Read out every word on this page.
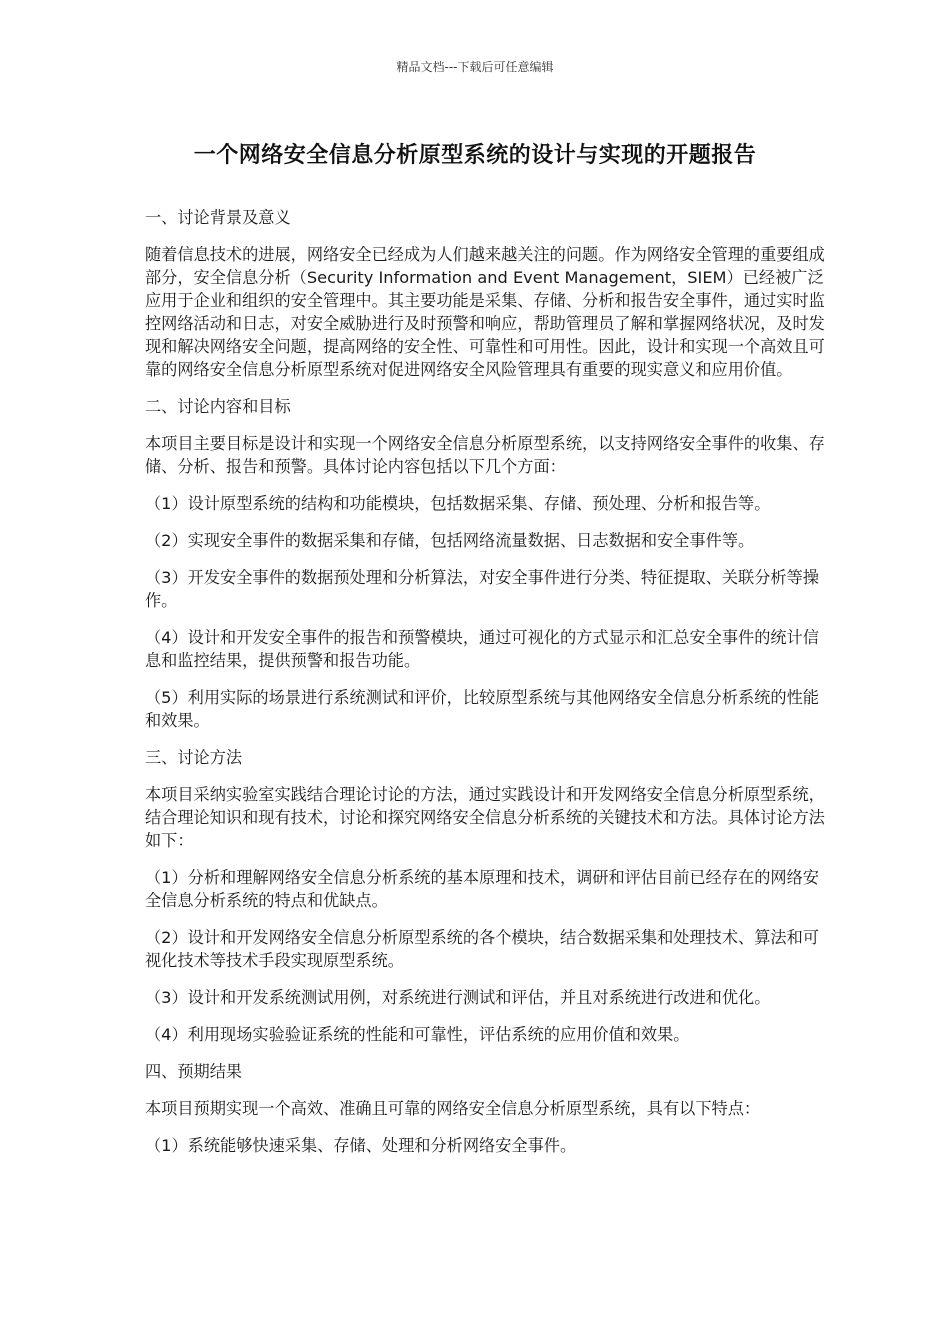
精品文档---下载后可任意编辑
一个网络安全信息分析原型系统的设计与实现的开题报告

一、讨论背景及意义

随着信息技术的进展，网络安全已经成为人们越来越关注的问题。作为网络安全管理的重要组成部分，安全信息分析（Security Information and Event Management，SIEM）已经被广泛应用于企业和组织的安全管理中。其主要功能是采集、存储、分析和报告安全事件，通过实时监控网络活动和日志，对安全威胁进行及时预警和响应，帮助管理员了解和掌握网络状况，及时发现和解决网络安全问题，提高网络的安全性、可靠性和可用性。因此，设计和实现一个高效且可靠的网络安全信息分析原型系统对促进网络安全风险管理具有重要的现实意义和应用价值。

二、讨论内容和目标

本项目主要目标是设计和实现一个网络安全信息分析原型系统，以支持网络安全事件的收集、存储、分析、报告和预警。具体讨论内容包括以下几个方面：

（1）设计原型系统的结构和功能模块，包括数据采集、存储、预处理、分析和报告等。

（2）实现安全事件的数据采集和存储，包括网络流量数据、日志数据和安全事件等。

（3）开发安全事件的数据预处理和分析算法，对安全事件进行分类、特征提取、关联分析等操作。

（4）设计和开发安全事件的报告和预警模块，通过可视化的方式显示和汇总安全事件的统计信息和监控结果，提供预警和报告功能。

（5）利用实际的场景进行系统测试和评价，比较原型系统与其他网络安全信息分析系统的性能和效果。

三、讨论方法

本项目采纳实验室实践结合理论讨论的方法，通过实践设计和开发网络安全信息分析原型系统，结合理论知识和现有技术，讨论和探究网络安全信息分析系统的关键技术和方法。具体讨论方法如下：

（1）分析和理解网络安全信息分析系统的基本原理和技术，调研和评估目前已经存在的网络安全信息分析系统的特点和优缺点。

（2）设计和开发网络安全信息分析原型系统的各个模块，结合数据采集和处理技术、算法和可视化技术等技术手段实现原型系统。

（3）设计和开发系统测试用例，对系统进行测试和评估，并且对系统进行改进和优化。

（4）利用现场实验验证系统的性能和可靠性，评估系统的应用价值和效果。

四、预期结果

本项目预期实现一个高效、准确且可靠的网络安全信息分析原型系统，具有以下特点：

（1）系统能够快速采集、存储、处理和分析网络安全事件。
